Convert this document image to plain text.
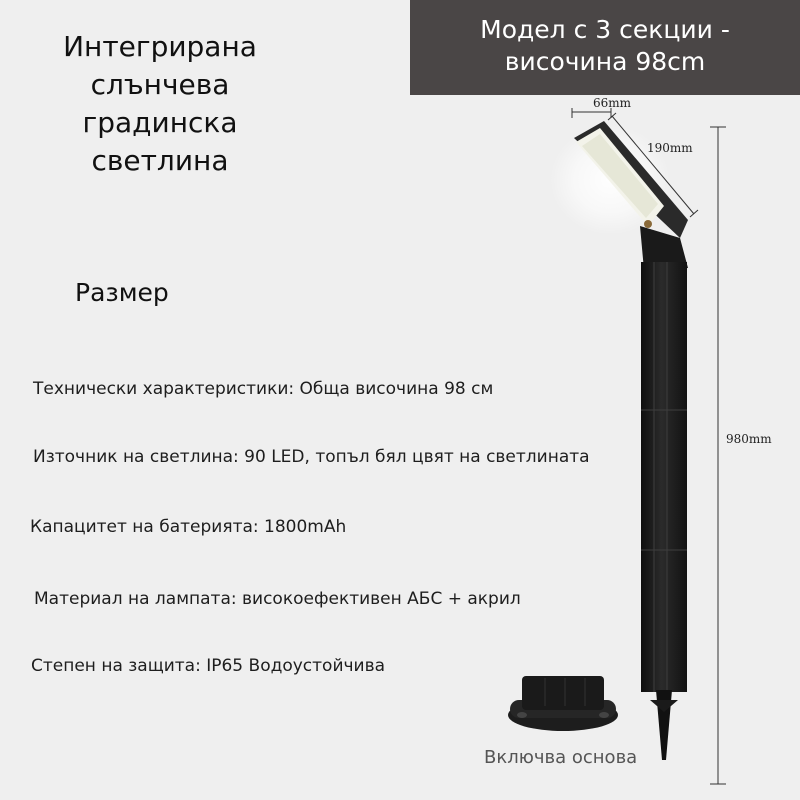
Модел с 3 секции -
височина 98cm
Интегрирана
слънчева
градинска
светлина
Размер
Технически характеристики: Обща височина 98 см
Източник на светлина: 90 LED, топъл бял цвят на светлината
Капацитет на батерията: 1800mAh
Материал на лампата: високоефективен АБС + акрил
Степен на защита: IP65 Водоустойчива
66mm
190mm
980mm
Включва основа
